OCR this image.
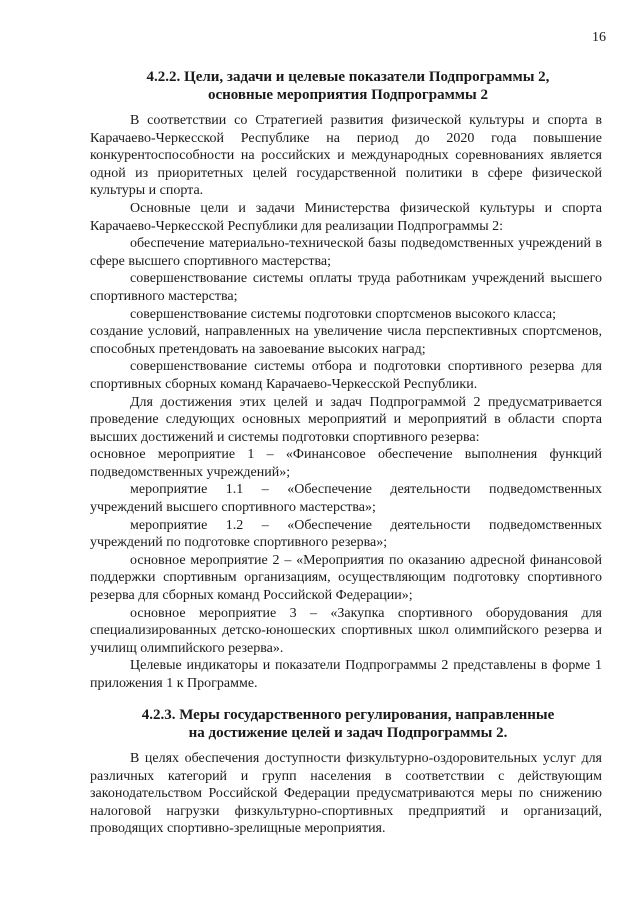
16
4.2.2. Цели, задачи и целевые показатели Подпрограммы 2,
основные мероприятия Подпрограммы 2

В соответствии со Стратегией развития физической культуры и спорта в Карачаево-Черкесской Республике на период до 2020 года повышение конкурентоспособности на российских и международных соревнованиях является одной из приоритетных целей государственной политики в сфере физической культуры и спорта.

Основные цели и задачи Министерства физической культуры и спорта Карачаево-Черкесской Республики для реализации Подпрограммы 2:

обеспечение материально-технической базы подведомственных учреждений в сфере высшего спортивного мастерства;

совершенствование системы оплаты труда работникам учреждений высшего спортивного мастерства;

совершенствование системы подготовки спортсменов высокого класса;

создание условий, направленных на увеличение числа перспективных спортсменов, способных претендовать на завоевание высоких наград;

совершенствование системы отбора и подготовки спортивного резерва для спортивных сборных команд Карачаево-Черкесской Республики.

Для достижения этих целей и задач Подпрограммой 2 предусматривается проведение следующих основных мероприятий и мероприятий в области спорта высших достижений и системы подготовки спортивного резерва:

основное мероприятие 1 – «Финансовое обеспечение выполнения функций подведомственных учреждений»;

мероприятие 1.1 – «Обеспечение деятельности подведомственных учреждений высшего спортивного мастерства»;

мероприятие 1.2 – «Обеспечение деятельности подведомственных учреждений по подготовке спортивного резерва»;

основное мероприятие 2 – «Мероприятия по оказанию адресной финансовой поддержки спортивным организациям, осуществляющим подготовку спортивного резерва для сборных команд Российской Федерации»;

основное мероприятие 3 – «Закупка спортивного оборудования для специализированных детско-юношеских спортивных школ олимпийского резерва и училищ олимпийского резерва».

Целевые индикаторы и показатели Подпрограммы 2 представлены в форме 1 приложения 1 к Программе.

4.2.3. Меры государственного регулирования, направленные
на достижение целей и задач Подпрограммы 2.

В целях обеспечения доступности физкультурно-оздоровительных услуг для различных категорий и групп населения в соответствии с действующим законодательством Российской Федерации предусматриваются меры по снижению налоговой нагрузки физкультурно-спортивных предприятий и организаций, проводящих спортивно-зрелищные мероприятия.
